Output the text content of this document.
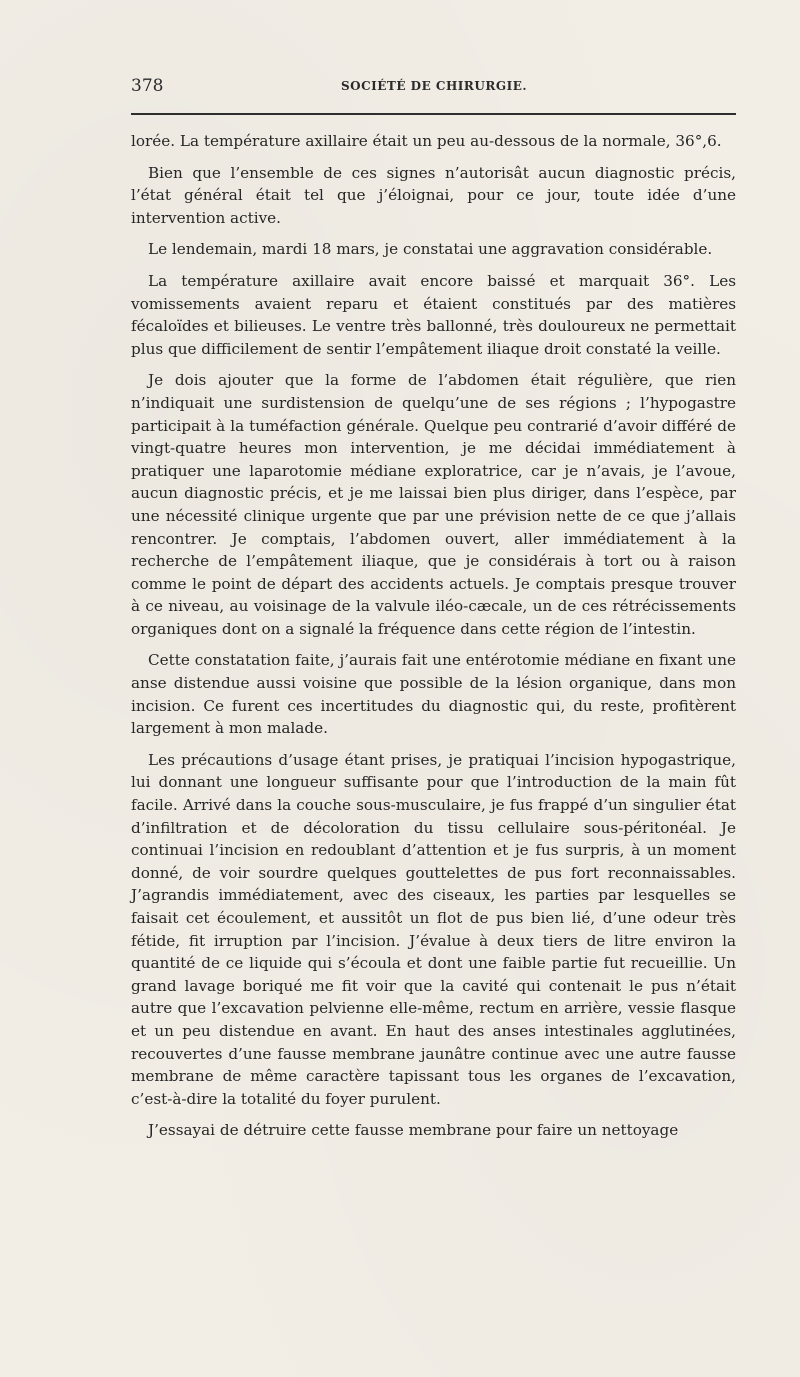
378	SOCIÉTÉ DE CHIRURGIE.

lorée. La température axillaire était un peu au-dessous de la normale, 36°,6.

Bien que l’ensemble de ces signes n’autorisât aucun diagnostic précis, l’état général était tel que j’éloignai, pour ce jour, toute idée d’une intervention active.

Le lendemain, mardi 18 mars, je constatai une aggravation considérable.

La température axillaire avait encore baissé et marquait 36°. Les vomissements avaient reparu et étaient constitués par des matières fécaloïdes et bilieuses. Le ventre très ballonné, très douloureux ne permettait plus que difficilement de sentir l’empâtement iliaque droit constaté la veille.

Je dois ajouter que la forme de l’abdomen était régulière, que rien n’indiquait une surdistension de quelqu’une de ses régions ; l’hypogastre participait à la tuméfaction générale. Quelque peu contrarié d’avoir différé de vingt-quatre heures mon intervention, je me décidai immédiatement à pratiquer une laparotomie médiane exploratrice, car je n’avais, je l’avoue, aucun diagnostic précis, et je me laissai bien plus diriger, dans l’espèce, par une nécessité clinique urgente que par une prévision nette de ce que j’allais rencontrer. Je comptais, l’abdomen ouvert, aller immédiatement à la recherche de l’empâtement iliaque, que je considérais à tort ou à raison comme le point de départ des accidents actuels. Je comptais presque trouver à ce niveau, au voisinage de la valvule iléo-cæcale, un de ces rétrécissements organiques dont on a signalé la fréquence dans cette région de l’intestin.

Cette constatation faite, j’aurais fait une entérotomie médiane en fixant une anse distendue aussi voisine que possible de la lésion organique, dans mon incision. Ce furent ces incertitudes du diagnostic qui, du reste, profitèrent largement à mon malade.

Les précautions d’usage étant prises, je pratiquai l’incision hypogastrique, lui donnant une longueur suffisante pour que l’introduction de la main fût facile. Arrivé dans la couche sous-musculaire, je fus frappé d’un singulier état d’infiltration et de décoloration du tissu cellulaire sous-péritonéal. Je continuai l’incision en redoublant d’attention et je fus surpris, à un moment donné, de voir sourdre quelques gouttelettes de pus fort reconnaissables. J’agrandis immédiatement, avec des ciseaux, les parties par lesquelles se faisait cet écoulement, et aussitôt un flot de pus bien lié, d’une odeur très fétide, fit irruption par l’incision. J’évalue à deux tiers de litre environ la quantité de ce liquide qui s’écoula et dont une faible partie fut recueillie. Un grand lavage boriqué me fit voir que la cavité qui contenait le pus n’était autre que l’excavation pelvienne elle-même, rectum en arrière, vessie flasque et un peu distendue en avant. En haut des anses intestinales agglutinées, recouvertes d’une fausse membrane jaunâtre continue avec une autre fausse membrane de même caractère tapissant tous les organes de l’excavation, c’est-à-dire la totalité du foyer purulent.

J’essayai de détruire cette fausse membrane pour faire un nettoyage
